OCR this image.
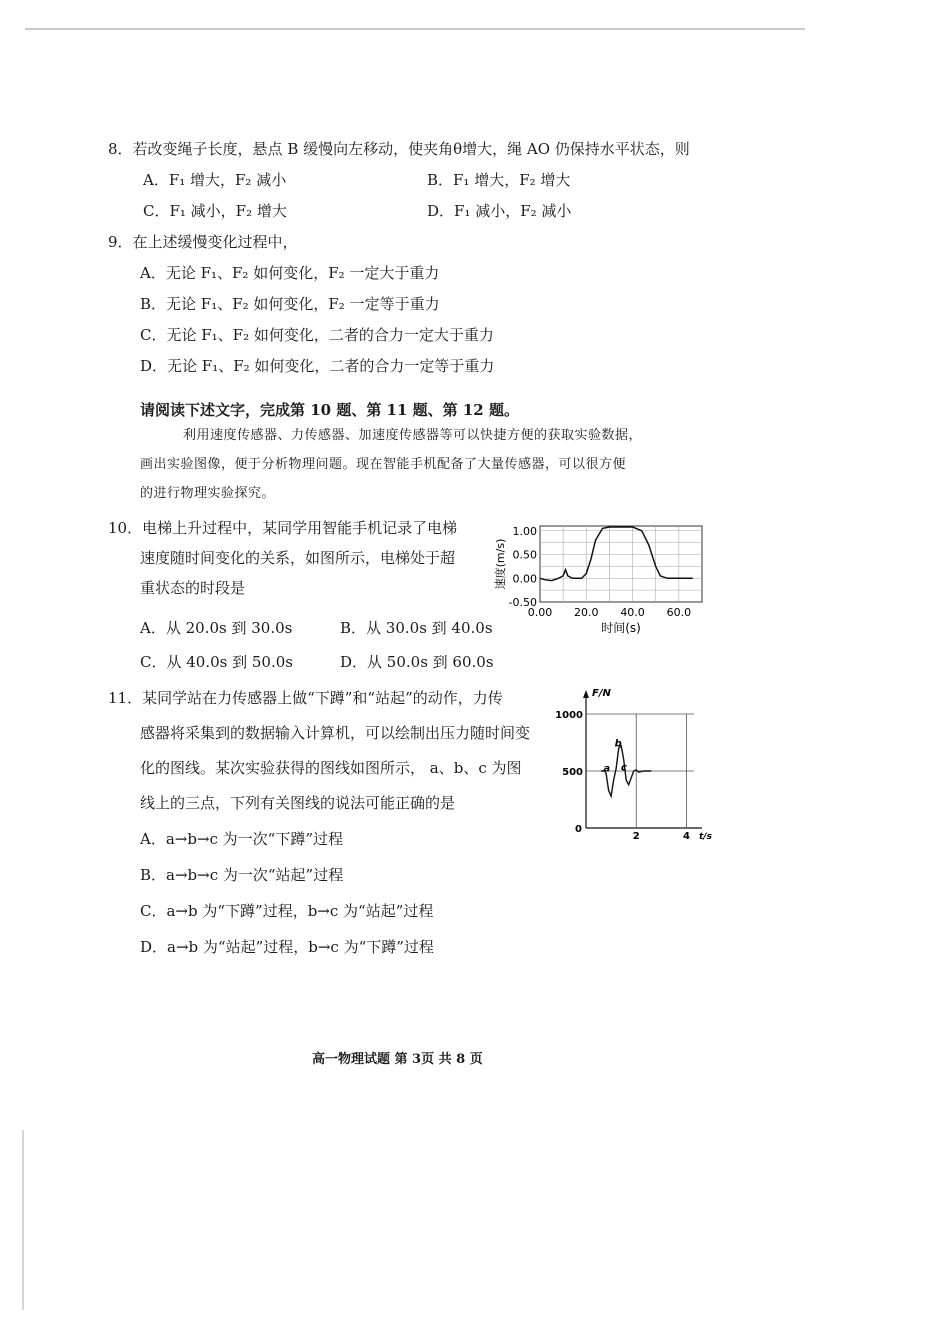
8．若改变绳子长度，悬点 B 缓慢向左移动，使夹角θ增大，绳 AO 仍保持水平状态，则
A．F₁ 增大，F₂ 减小	B．F₁ 增大，F₂ 增大
C．F₁ 减小，F₂ 增大	D．F₁ 减小，F₂ 减小
9．在上述缓慢变化过程中，
A．无论 F₁、F₂ 如何变化，F₂ 一定大于重力
B．无论 F₁、F₂ 如何变化，F₂ 一定等于重力
C．无论 F₁、F₂ 如何变化，二者的合力一定大于重力
D．无论 F₁、F₂ 如何变化，二者的合力一定等于重力
请阅读下述文字，完成第 10 题、第 11 题、第 12 题。
利用速度传感器、力传感器、加速度传感器等可以快捷方便的获取实验数据，
画出实验图像，便于分析物理问题。现在智能手机配备了大量传感器，可以很方便
的进行物理实验探究。
10．电梯上升过程中，某同学用智能手机记录了电梯
速度随时间变化的关系，如图所示，电梯处于超
重状态的时段是
A．从 20.0s 到 30.0s	B．从 30.0s 到 40.0s
C．从 40.0s 到 50.0s	D．从 50.0s 到 60.0s
-0.50
0.00
0.50
1.00
0.00 20.0 40.0 60.0
时间(s)
速度(m/s)
11．某同学站在力传感器上做“下蹲”和“站起”的动作，力传
感器将采集到的数据输入计算机，可以绘制出压力随时间变
化的图线。某次实验获得的图线如图所示， a、b、c 为图
线上的三点，下列有关图线的说法可能正确的是
A．a→b→c 为一次“下蹲”过程
B．a→b→c 为一次“站起”过程
C．a→b 为“下蹲”过程，b→c 为“站起”过程
D．a→b 为“站起”过程，b→c 为“下蹲”过程
a
b
c
1000
500
0
2	4
F/N
t/s
高一物理试题 第 3页 共 8 页
